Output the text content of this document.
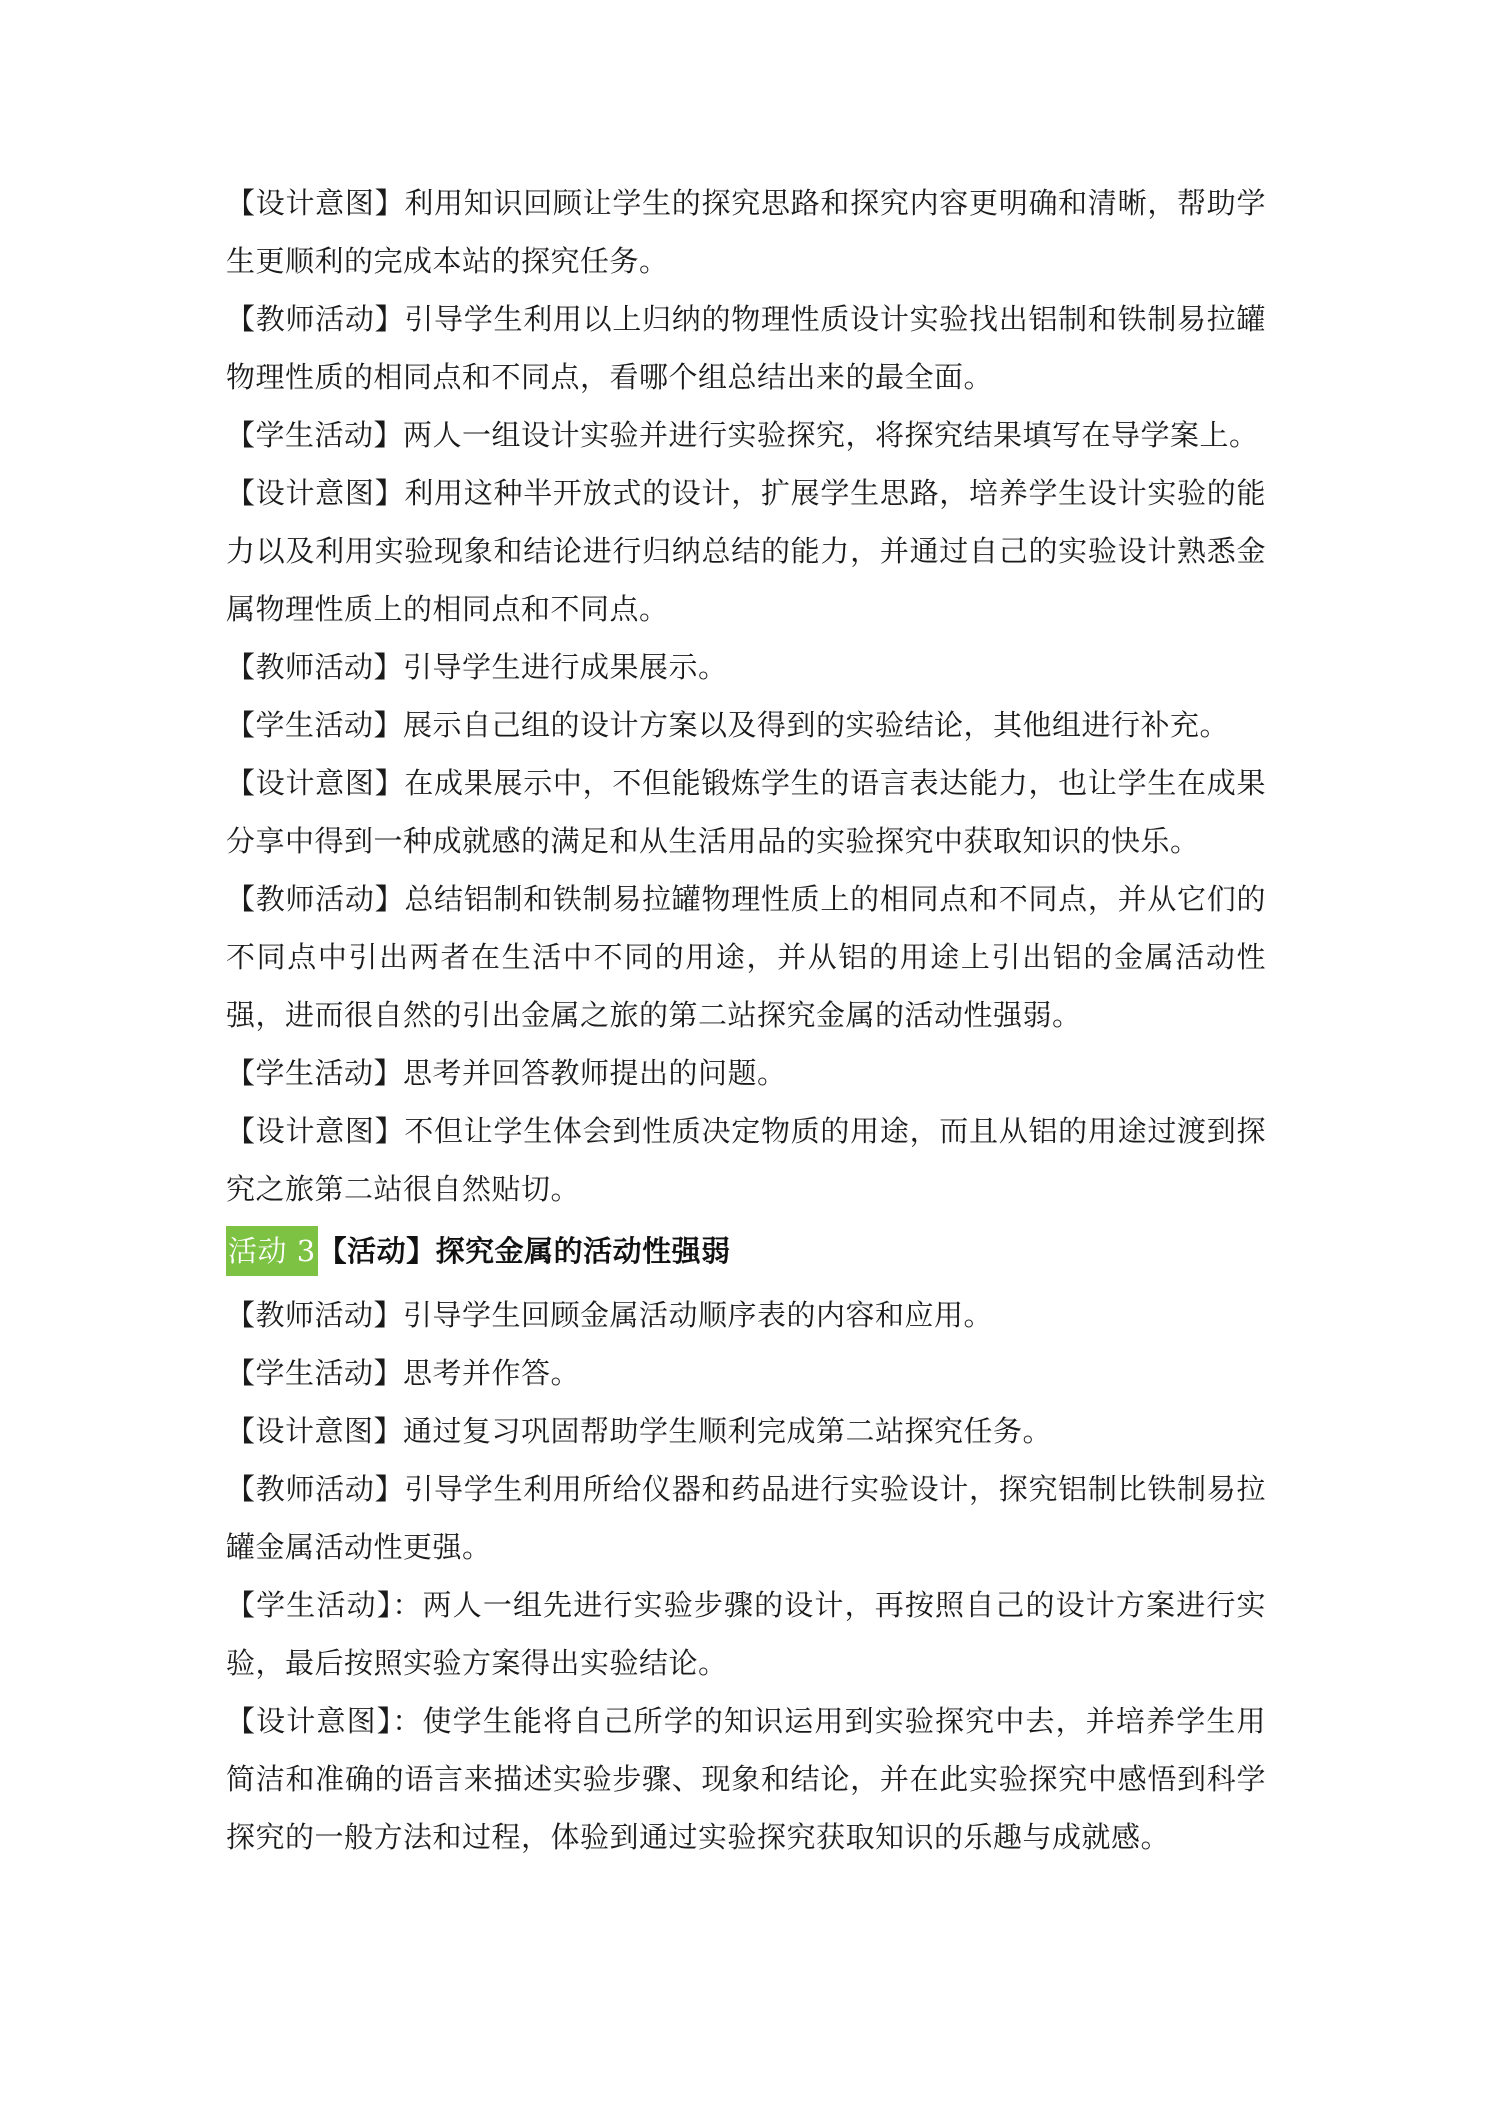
【设计意图】利用知识回顾让学生的探究思路和探究内容更明确和清晰，帮助学生更顺利的完成本站的探究任务。

【教师活动】引导学生利用以上归纳的物理性质设计实验找出铝制和铁制易拉罐物理性质的相同点和不同点，看哪个组总结出来的最全面。

【学生活动】两人一组设计实验并进行实验探究，将探究结果填写在导学案上。

【设计意图】利用这种半开放式的设计，扩展学生思路，培养学生设计实验的能力以及利用实验现象和结论进行归纳总结的能力，并通过自己的实验设计熟悉金属物理性质上的相同点和不同点。

【教师活动】引导学生进行成果展示。

【学生活动】展示自己组的设计方案以及得到的实验结论，其他组进行补充。

【设计意图】在成果展示中，不但能锻炼学生的语言表达能力，也让学生在成果分享中得到一种成就感的满足和从生活用品的实验探究中获取知识的快乐。

【教师活动】总结铝制和铁制易拉罐物理性质上的相同点和不同点，并从它们的不同点中引出两者在生活中不同的用途，并从铝的用途上引出铝的金属活动性强，进而很自然的引出金属之旅的第二站探究金属的活动性强弱。

【学生活动】思考并回答教师提出的问题。

【设计意图】不但让学生体会到性质决定物质的用途，而且从铝的用途过渡到探究之旅第二站很自然贴切。

活动 3 【活动】探究金属的活动性强弱

【教师活动】引导学生回顾金属活动顺序表的内容和应用。

【学生活动】思考并作答。

【设计意图】通过复习巩固帮助学生顺利完成第二站探究任务。

【教师活动】引导学生利用所给仪器和药品进行实验设计，探究铝制比铁制易拉罐金属活动性更强。

【学生活动】：两人一组先进行实验步骤的设计，再按照自己的设计方案进行实验，最后按照实验方案得出实验结论。

【设计意图】：使学生能将自己所学的知识运用到实验探究中去，并培养学生用简洁和准确的语言来描述实验步骤、现象和结论，并在此实验探究中感悟到科学探究的一般方法和过程，体验到通过实验探究获取知识的乐趣与成就感。
